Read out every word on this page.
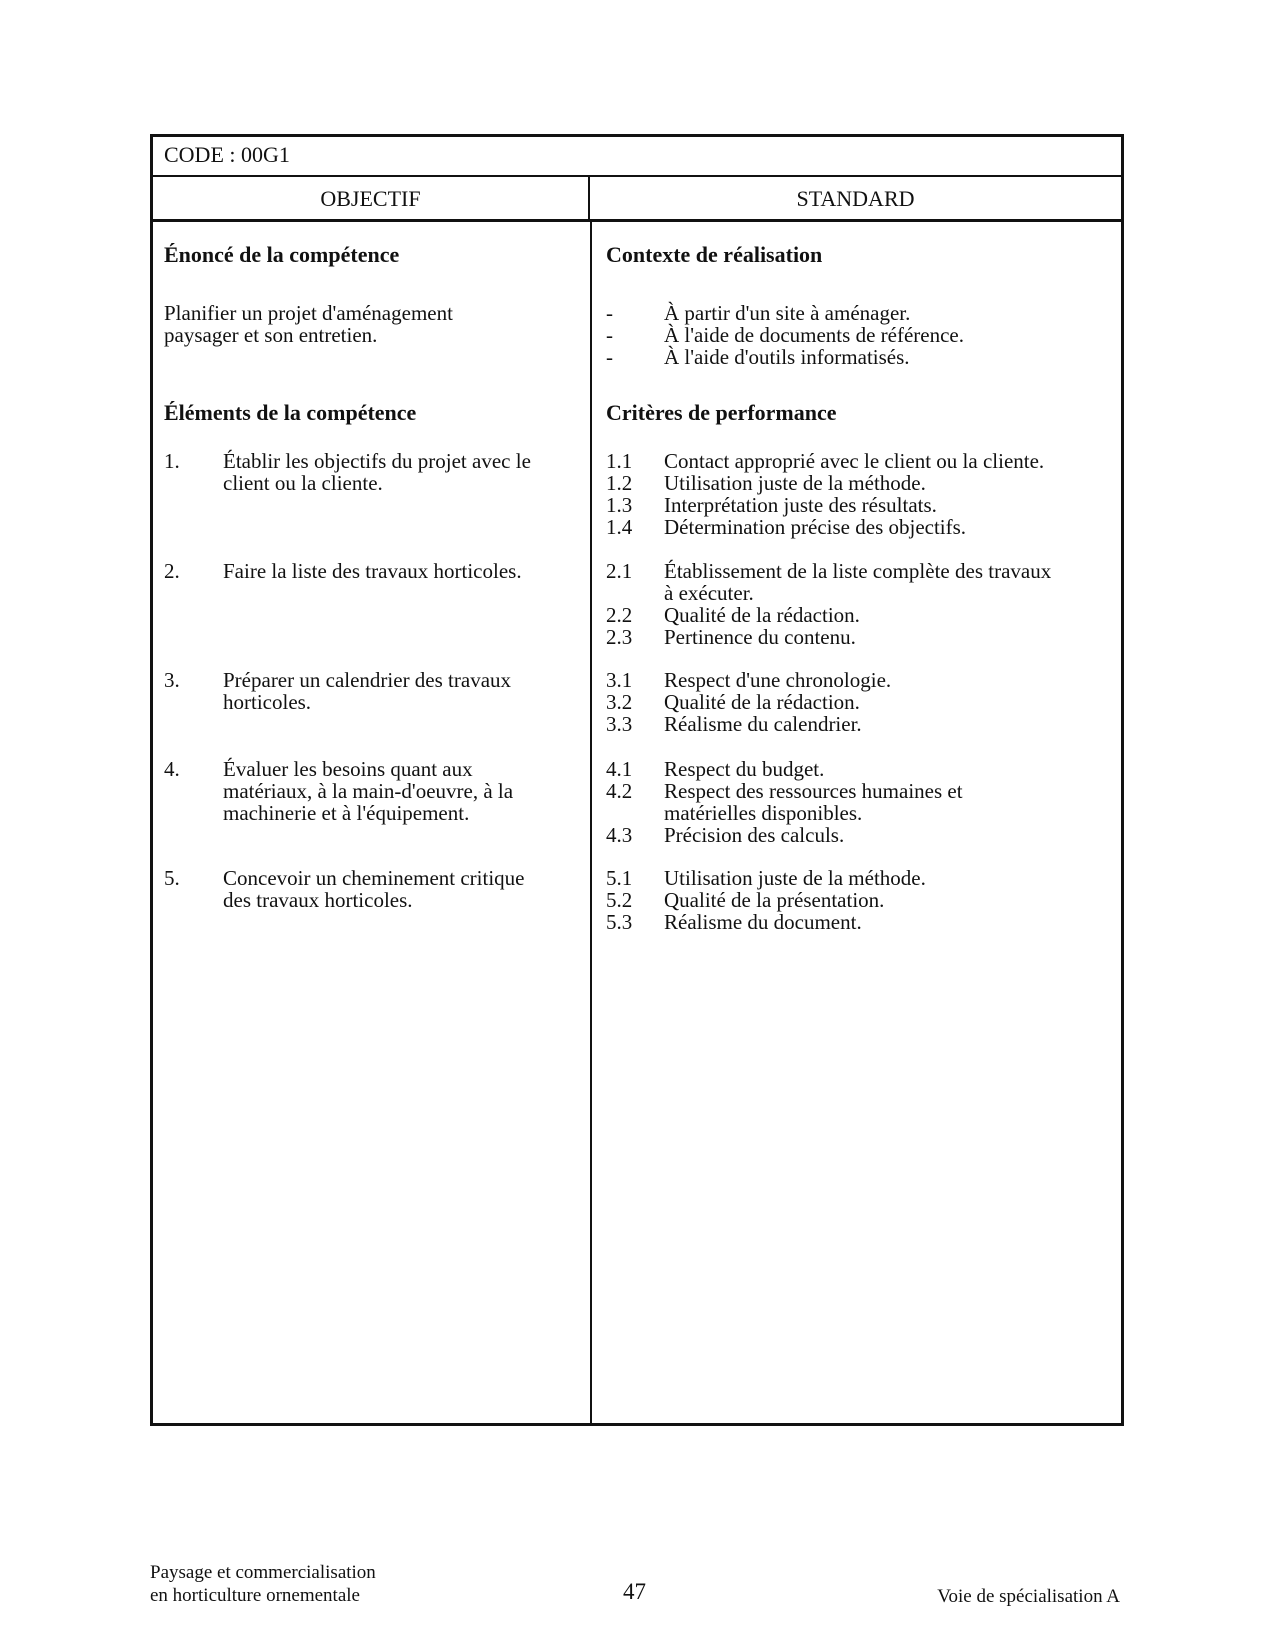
CODE : 00G1
OBJECTIF	STANDARD
Énoncé de la compétence
Planifier un projet d'aménagement
paysager et son entretien.
Éléments de la compétence
1.	Établir les objectifs du projet avec le
client ou la cliente.
2.	Faire la liste des travaux horticoles.
3.	Préparer un calendrier des travaux
horticoles.
4.	Évaluer les besoins quant aux
matériaux, à la main-d'oeuvre, à la
machinerie et à l'équipement.
5.	Concevoir un cheminement critique
des travaux horticoles.
Contexte de réalisation
-	À partir d'un site à aménager.
-	À l'aide de documents de référence.
-	À l'aide d'outils informatisés.
Critères de performance
1.1	Contact approprié avec le client ou la cliente.
1.2	Utilisation juste de la méthode.
1.3	Interprétation juste des résultats.
1.4	Détermination précise des objectifs.
2.1	Établissement de la liste complète des travaux
à exécuter.
2.2	Qualité de la rédaction.
2.3	Pertinence du contenu.
3.1	Respect d'une chronologie.
3.2	Qualité de la rédaction.
3.3	Réalisme du calendrier.
4.1	Respect du budget.
4.2	Respect des ressources humaines et
matérielles disponibles.
4.3	Précision des calculs.
5.1	Utilisation juste de la méthode.
5.2	Qualité de la présentation.
5.3	Réalisme du document.
Paysage et commercialisation
en horticulture ornementale	47	Voie de spécialisation A
